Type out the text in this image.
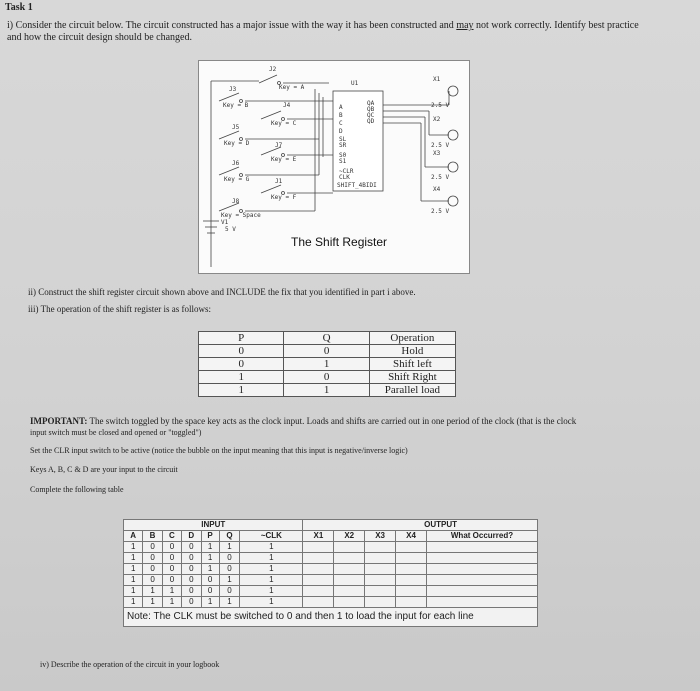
Task 1
i) Consider the circuit below. The circuit constructed has a major issue with the way it has been constructed and may not work correctly. Identify best practice and how the circuit design should be changed.
J2
Key = A
J3
Key = B	J4
Key = C
J5
Key = D	J7
J6
Key = E
Key = G	J1
J8
Key = F
Key = Space
V1
5 V
U1
A
B
C
D
QA
QB
QC
QD
SL
SR
S0
S1
~CLR
CLK
SHIFT_4BIDI
X1
2.5 V
X2
2.5 V
X3
2.5 V
X4
2.5 V
The Shift Register
ii) Construct the shift register circuit shown above and INCLUDE the fix that you identified in part i above.
iii) The operation of the shift register is as follows:
P	Q	Operation
0	0	Hold
0	1	Shift left
1	0	Shift Right
1	1	Parallel load
IMPORTANT: The switch toggled by the space key acts as the clock input. Loads and shifts are carried out in one period of the clock (that is the clock
input switch must be closed and opened or "toggled")
Set the CLR input switch to be active (notice the bubble on the input meaning that this input is negative/inverse logic)
Keys A, B, C & D are your input to the circuit
Complete the following table
INPUT							OUTPUT				
A	B	C	D	P	Q	~CLK	X1	X2	X3	X4	What Occurred?
1	0	0	0	1	1	1					
1	0	0	0	1	0	1					
1	0	0	0	1	0	1					
1	0	0	0	0	1	1					
1	1	1	0	0	0	1					
1	1	1	0	1	1	1					
Note: The CLK must be switched to 0 and then 1 to load the input for each line											
iv) Describe the operation of the circuit in your logbook
